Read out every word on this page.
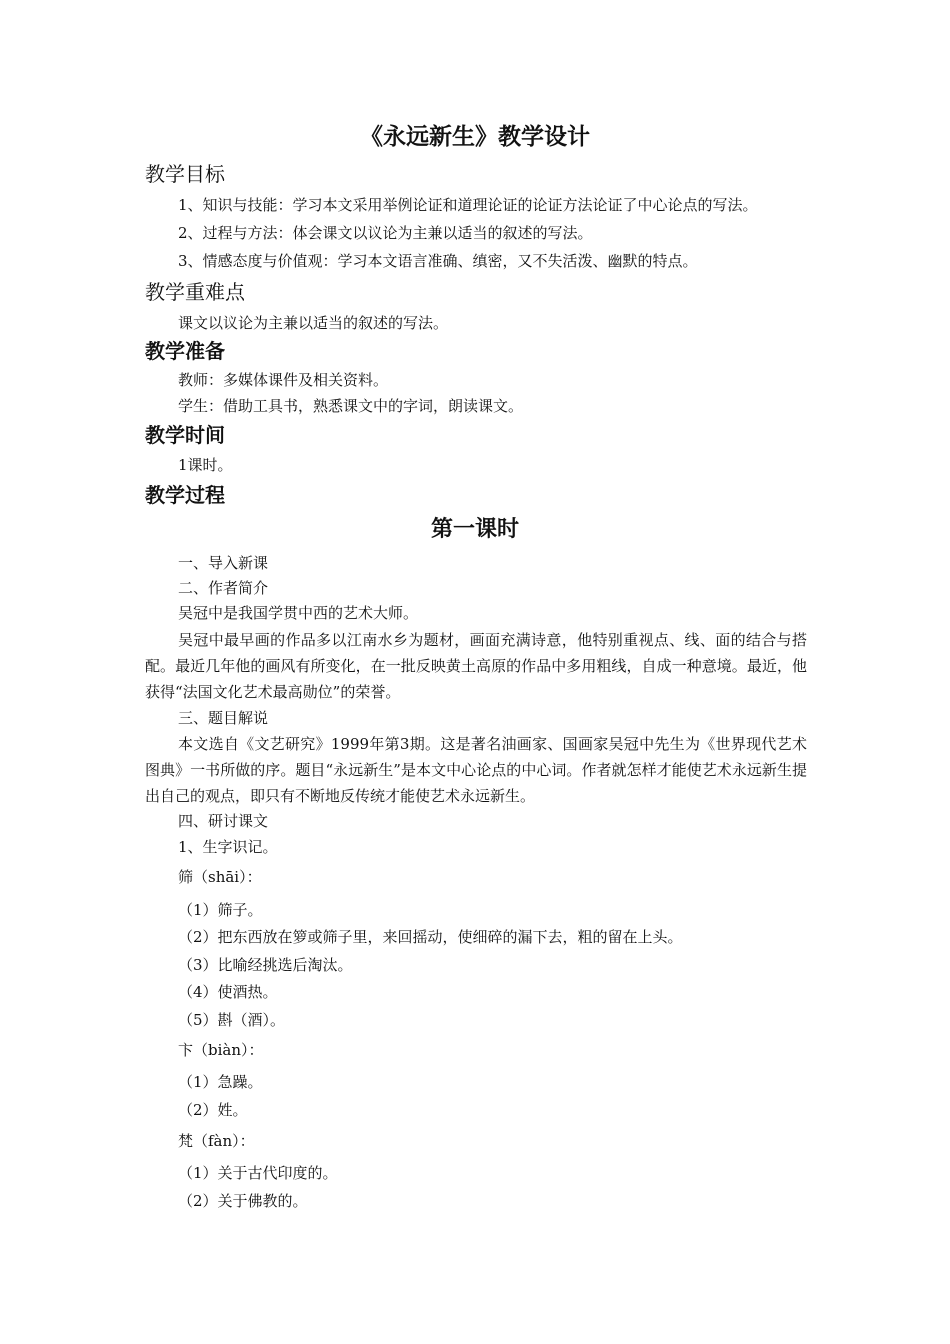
《永远新生》教学设计
教学目标
1、知识与技能：学习本文采用举例论证和道理论证的论证方法论证了中心论点的写法。
2、过程与方法：体会课文以议论为主兼以适当的叙述的写法。
3、情感态度与价值观：学习本文语言准确、缜密，又不失活泼、幽默的特点。
教学重难点
课文以议论为主兼以适当的叙述的写法。
教学准备
教师：多媒体课件及相关资料。
学生：借助工具书，熟悉课文中的字词，朗读课文。
教学时间
1课时。
教学过程
第一课时
一、导入新课
二、作者简介
吴冠中是我国学贯中西的艺术大师。
吴冠中最早画的作品多以江南水乡为题材，画面充满诗意，他特别重视点、线、面的结合与搭配。最近几年他的画风有所变化，在一批反映黄土高原的作品中多用粗线，自成一种意境。最近，他获得“法国文化艺术最高勋位”的荣誉。
三、题目解说
本文选自《文艺研究》1999年第3期。这是著名油画家、国画家吴冠中先生为《世界现代艺术图典》一书所做的序。题目“永远新生”是本文中心论点的中心词。作者就怎样才能使艺术永远新生提出自己的观点，即只有不断地反传统才能使艺术永远新生。
四、研讨课文
1、生字识记。
筛（shāi）：
（1）筛子。
（2）把东西放在箩或筛子里，来回摇动，使细碎的漏下去，粗的留在上头。
（3）比喻经挑选后淘汰。
（4）使酒热。
（5）斟（酒）。
卞（biàn）：
（1）急躁。
（2）姓。
梵（fàn）：
（1）关于古代印度的。
（2）关于佛教的。
